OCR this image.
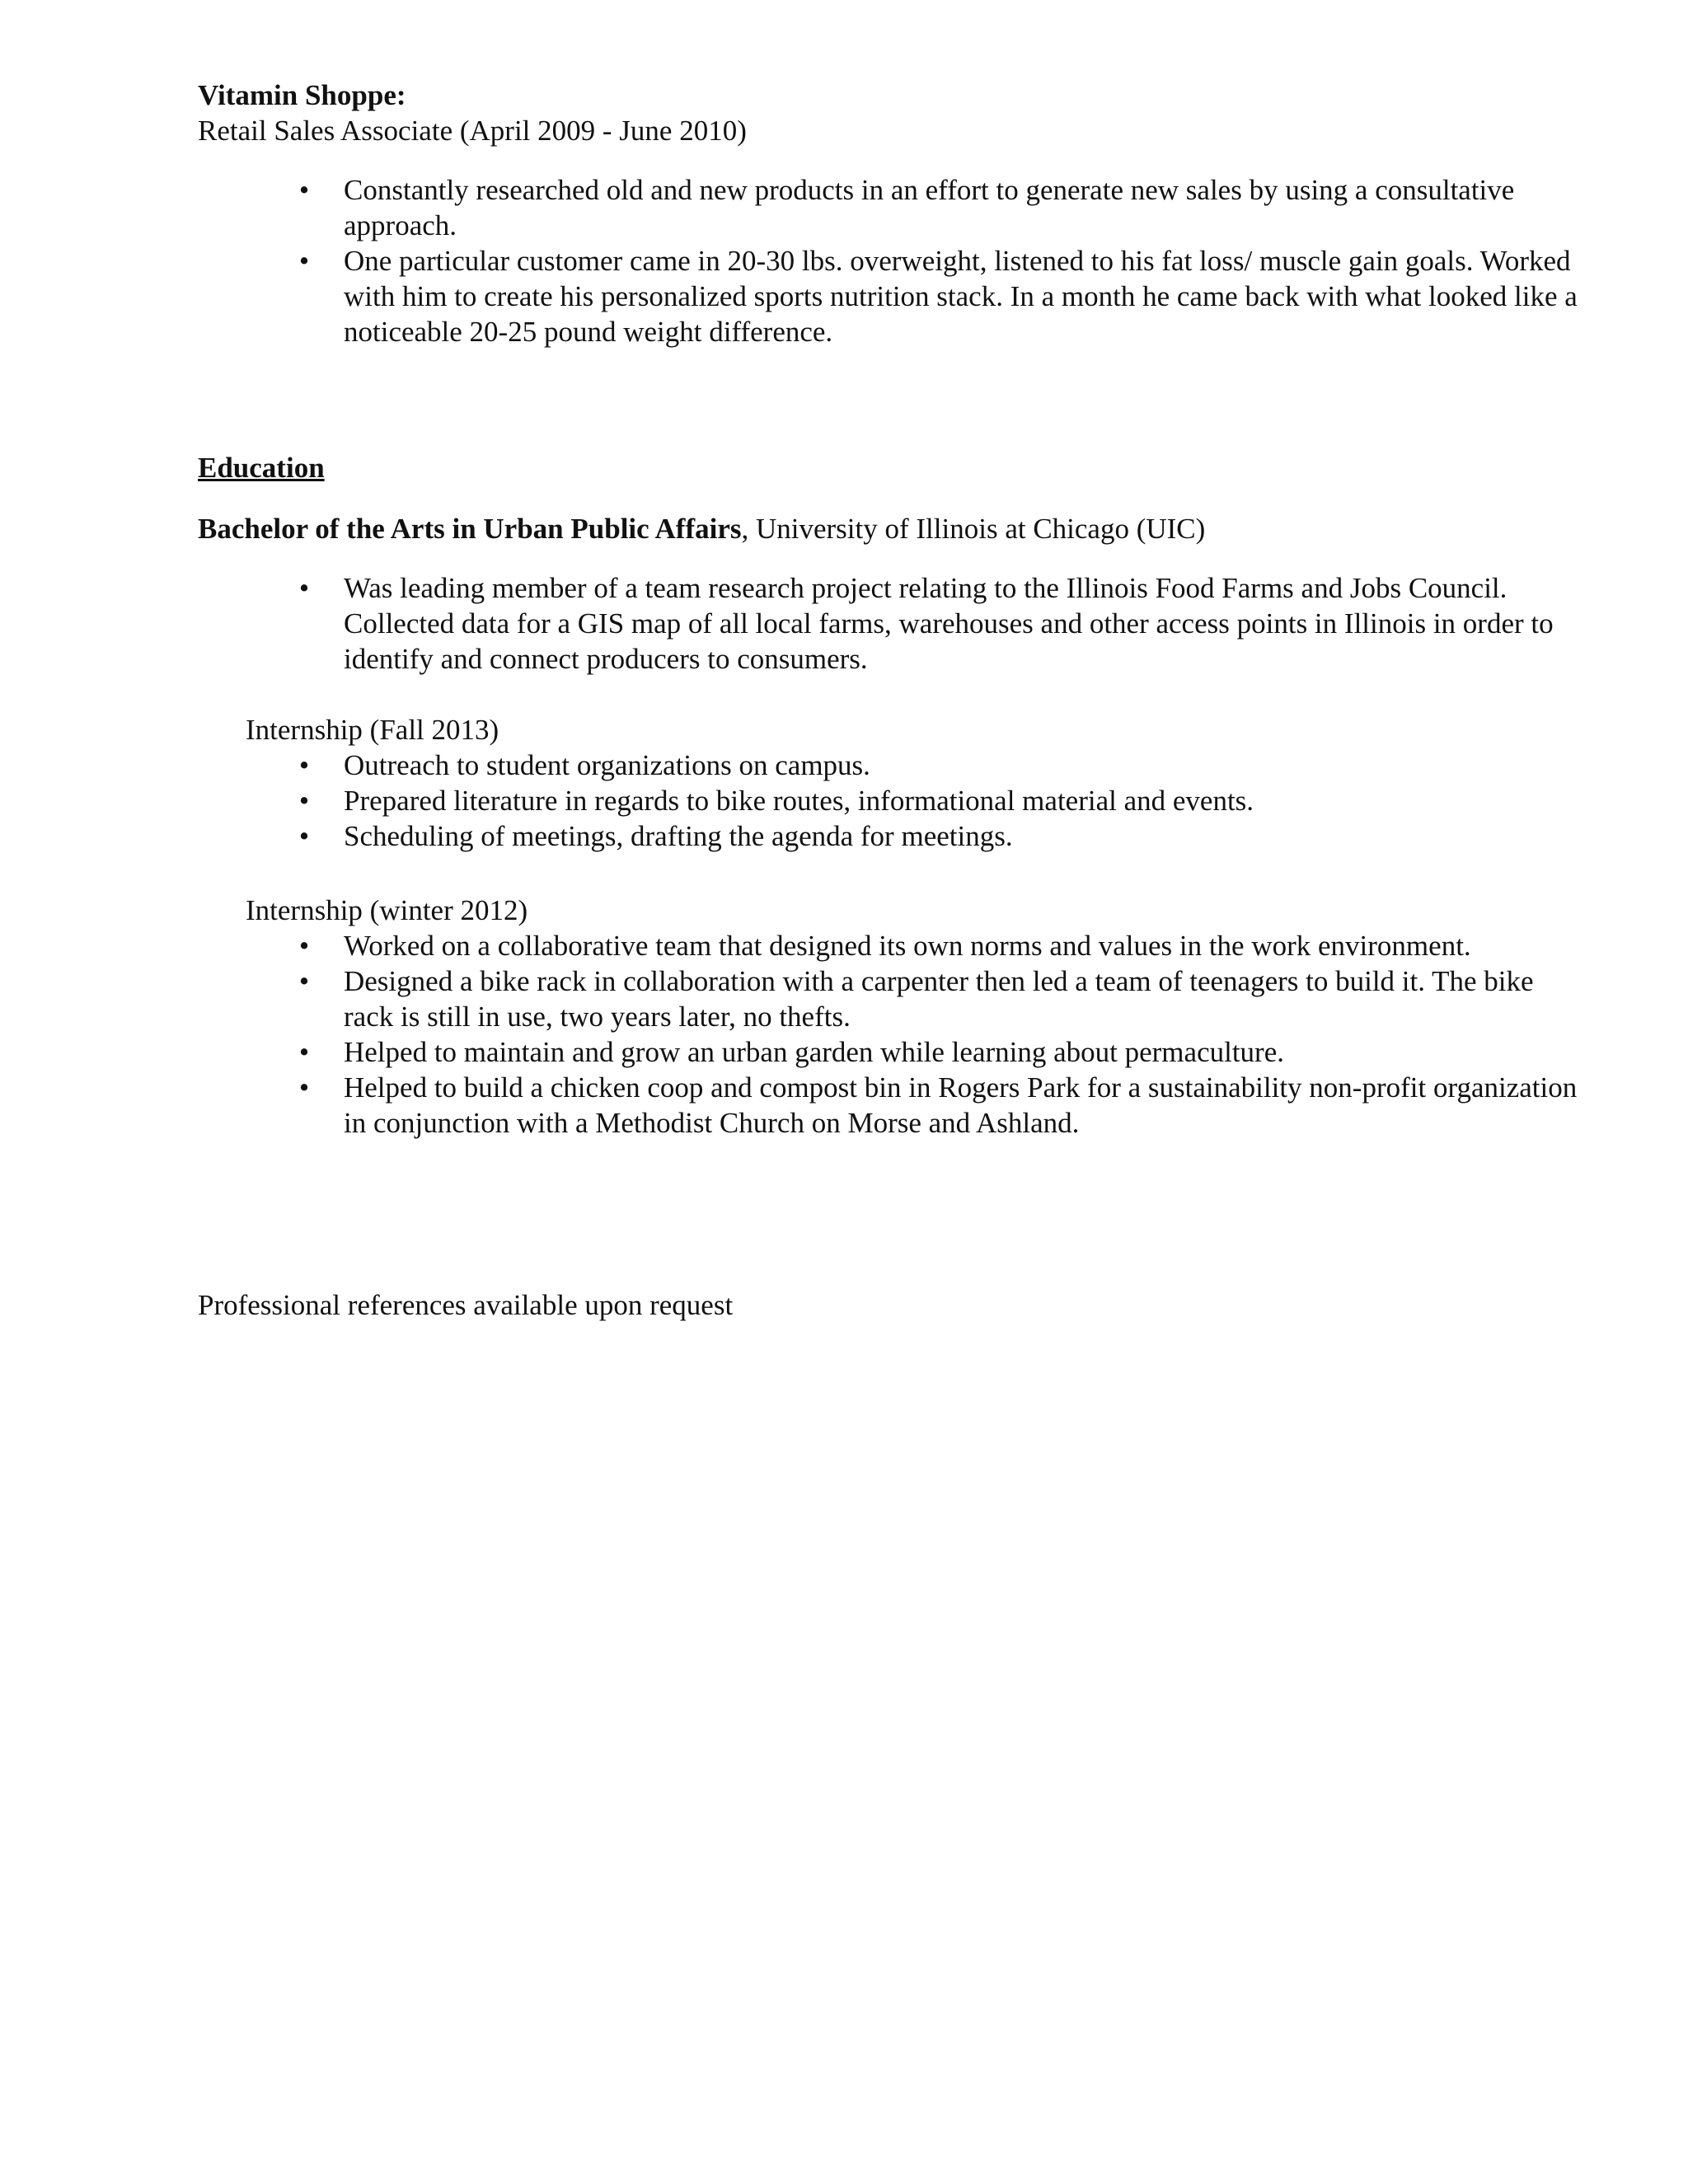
Vitamin Shoppe:
Retail Sales Associate (April 2009 - June 2010)
• Constantly researched old and new products in an effort to generate new sales by using a consultative approach.
• One particular customer came in 20-30 lbs. overweight, listened to his fat loss/ muscle gain goals. Worked with him to create his personalized sports nutrition stack. In a month he came back with what looked like a noticeable 20-25 pound weight difference.
Education
Bachelor of the Arts in Urban Public Affairs, University of Illinois at Chicago (UIC)
• Was leading member of a team research project relating to the Illinois Food Farms and Jobs Council. Collected data for a GIS map of all local farms, warehouses and other access points in Illinois in order to identify and connect producers to consumers.
Internship (Fall 2013)
• Outreach to student organizations on campus.
• Prepared literature in regards to bike routes, informational material and events.
• Scheduling of meetings, drafting the agenda for meetings.
Internship (winter 2012)
• Worked on a collaborative team that designed its own norms and values in the work environment.
• Designed a bike rack in collaboration with a carpenter then led a team of teenagers to build it. The bike rack is still in use, two years later, no thefts.
• Helped to maintain and grow an urban garden while learning about permaculture.
• Helped to build a chicken coop and compost bin in Rogers Park for a sustainability non-profit organization in conjunction with a Methodist Church on Morse and Ashland.
Professional references available upon request
